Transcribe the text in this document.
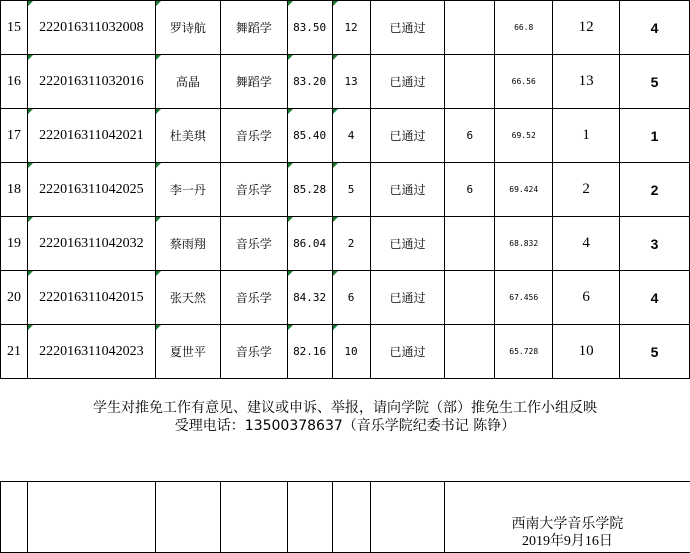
15	222016311032008	罗诗航	舞蹈学	83.50	12	已通过		66.8	12	4
16	222016311032016	高晶	舞蹈学	83.20	13	已通过		66.56	13	5
17	222016311042021	杜美琪	音乐学	85.40	4	已通过	6	69.52	1	1
18	222016311042025	李一丹	音乐学	85.28	5	已通过	6	69.424	2	2
19	222016311042032	蔡雨翔	音乐学	86.04	2	已通过		68.832	4	3
20	222016311042015	张天然	音乐学	84.32	6	已通过		67.456	6	4
21	222016311042023	夏世平	音乐学	82.16	10	已通过		65.728	10	5

学生对推免工作有意见、建议或申诉、举报，请向学院（部）推免生工作小组反映
受理电话：13500378637（音乐学院纪委书记 陈铮）										

							西南大学音乐学院
2019年9月16日			
